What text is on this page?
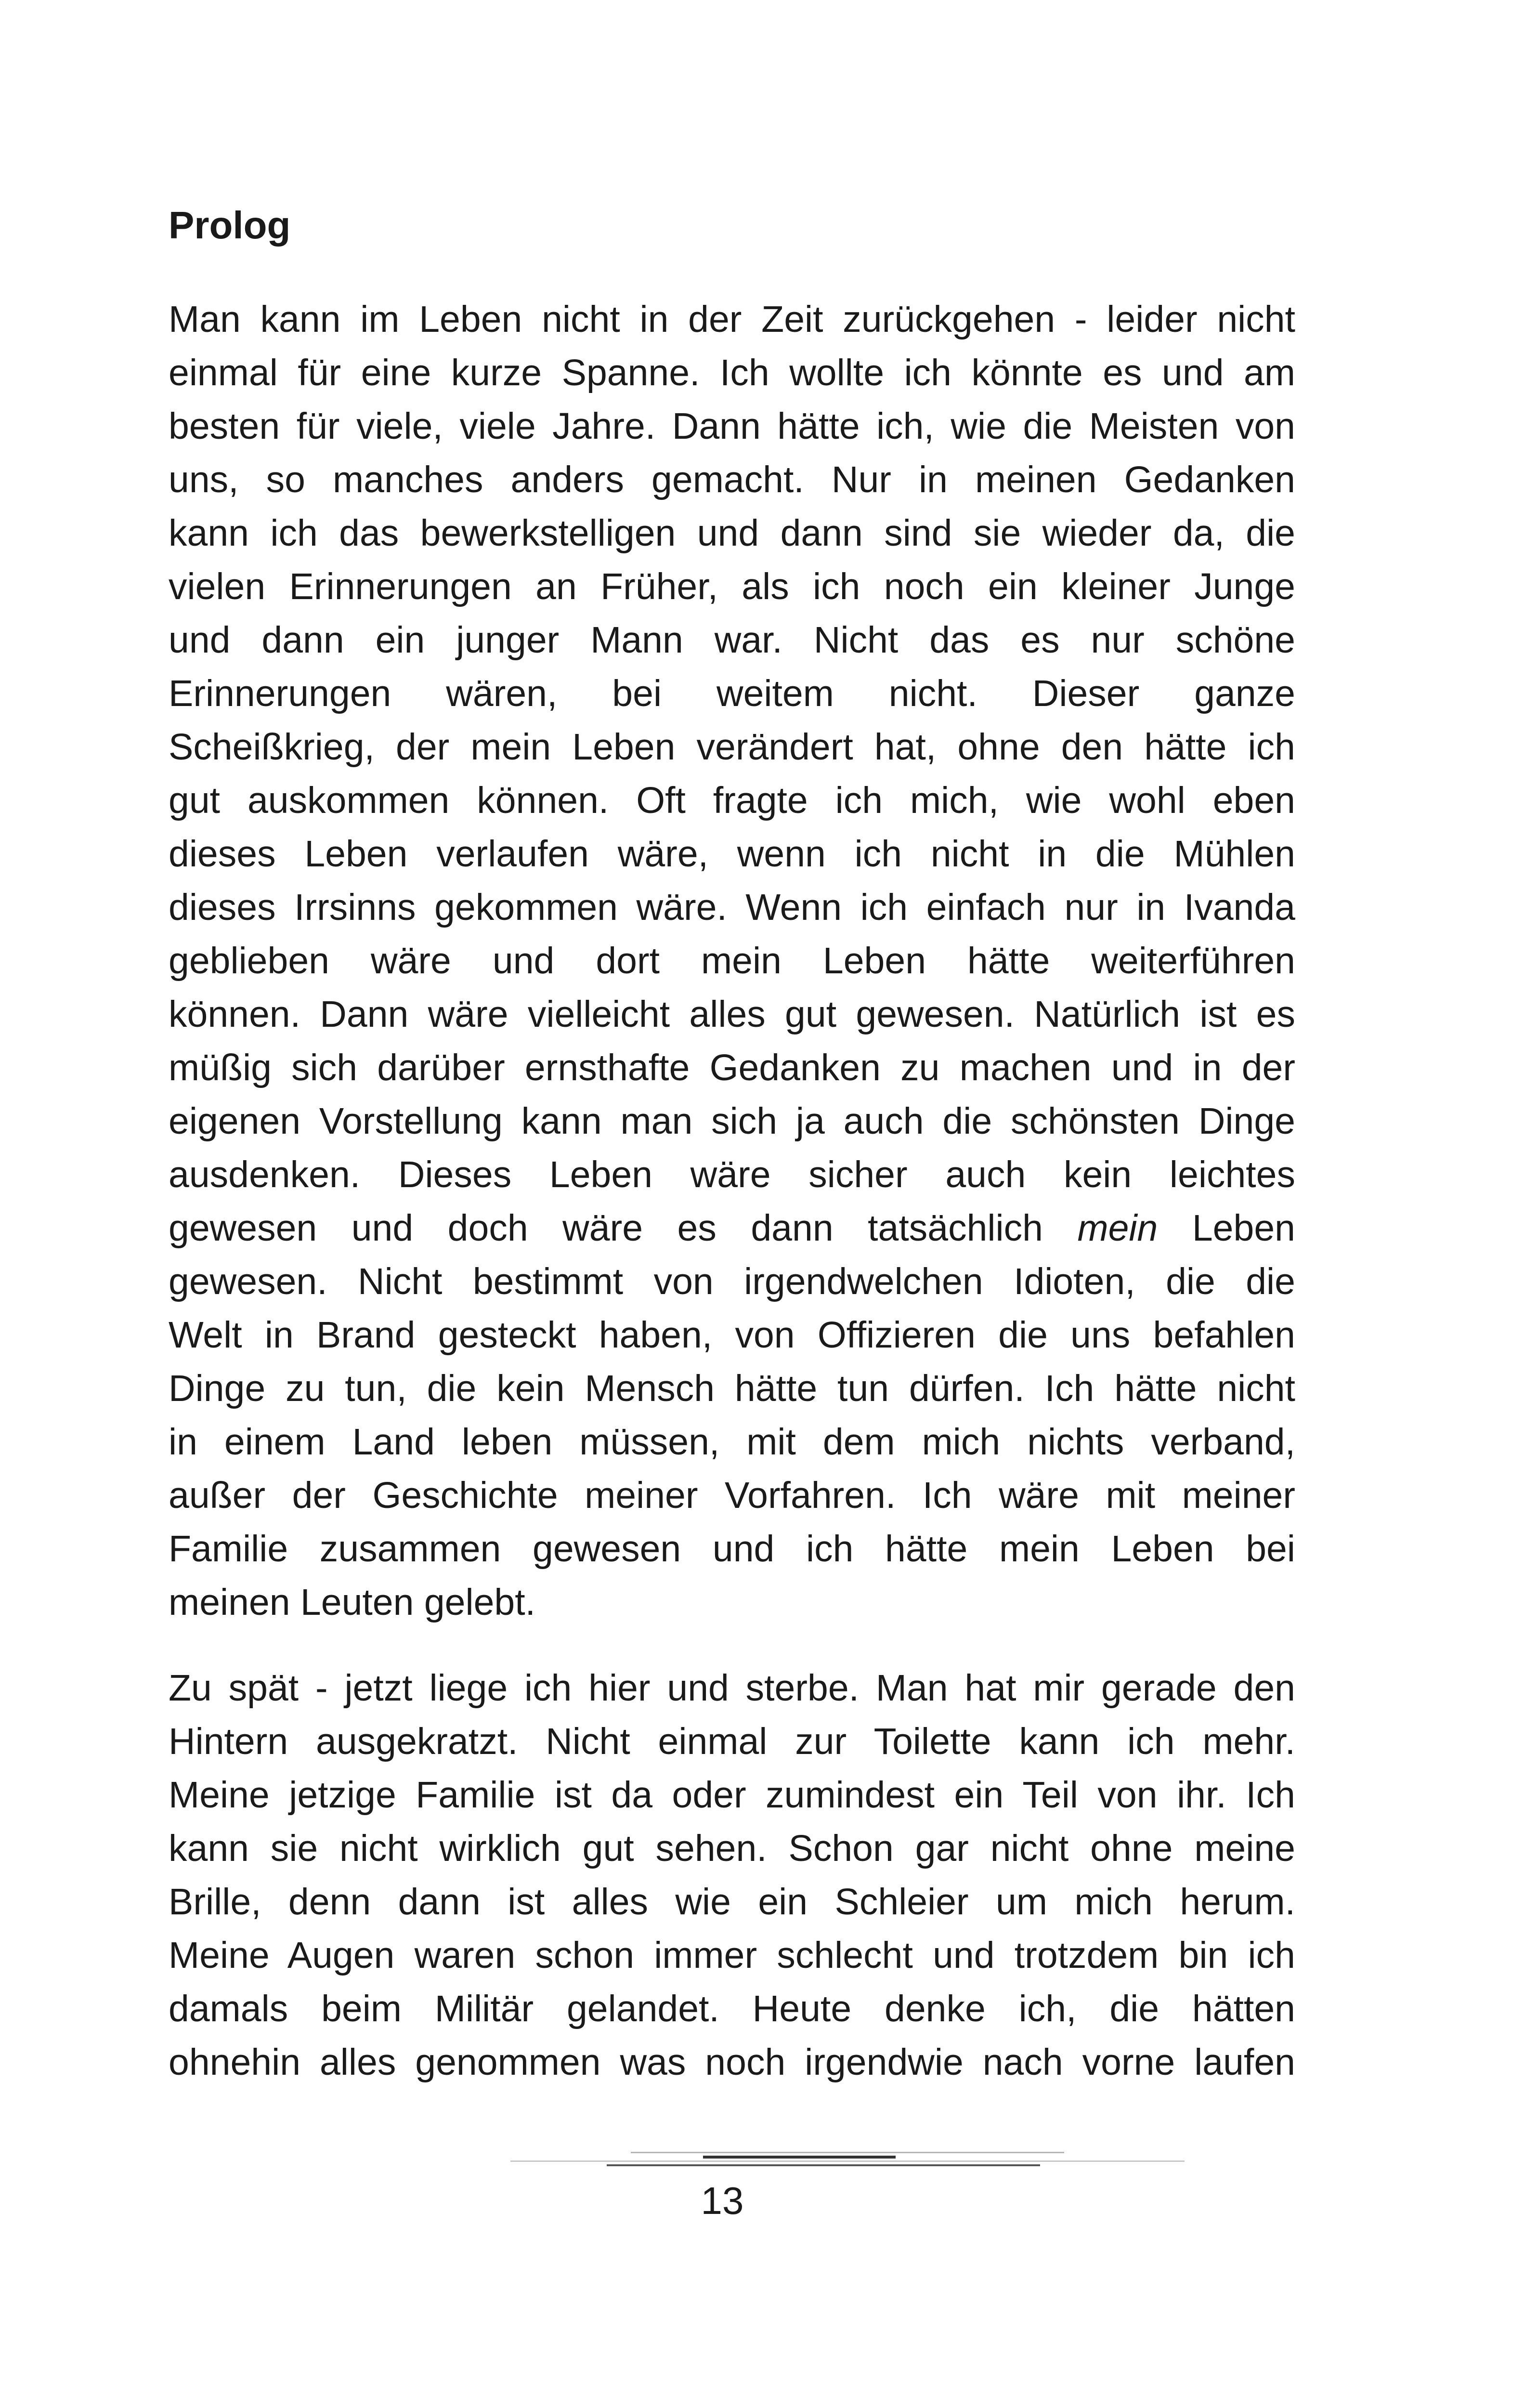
Prolog
Man kann im Leben nicht in der Zeit zurückgehen - leider nicht
einmal für eine kurze Spanne. Ich wollte ich könnte es und am
besten für viele, viele Jahre. Dann hätte ich, wie die Meisten von
uns, so manches anders gemacht. Nur in meinen Gedanken
kann ich das bewerkstelligen und dann sind sie wieder da, die
vielen Erinnerungen an Früher, als ich noch ein kleiner Junge
und dann ein junger Mann war. Nicht das es nur schöne
Erinnerungen wären, bei weitem nicht. Dieser ganze
Scheißkrieg, der mein Leben verändert hat, ohne den hätte ich
gut auskommen können. Oft fragte ich mich, wie wohl eben
dieses Leben verlaufen wäre, wenn ich nicht in die Mühlen
dieses Irrsinns gekommen wäre. Wenn ich einfach nur in Ivanda
geblieben wäre und dort mein Leben hätte weiterführen
können. Dann wäre vielleicht alles gut gewesen. Natürlich ist es
müßig sich darüber ernsthafte Gedanken zu machen und in der
eigenen Vorstellung kann man sich ja auch die schönsten Dinge
ausdenken. Dieses Leben wäre sicher auch kein leichtes
gewesen und doch wäre es dann tatsächlich mein Leben
gewesen. Nicht bestimmt von irgendwelchen Idioten, die die
Welt in Brand gesteckt haben, von Offizieren die uns befahlen
Dinge zu tun, die kein Mensch hätte tun dürfen. Ich hätte nicht
in einem Land leben müssen, mit dem mich nichts verband,
außer der Geschichte meiner Vorfahren. Ich wäre mit meiner
Familie zusammen gewesen und ich hätte mein Leben bei
meinen Leuten gelebt.
Zu spät - jetzt liege ich hier und sterbe. Man hat mir gerade den
Hintern ausgekratzt. Nicht einmal zur Toilette kann ich mehr.
Meine jetzige Familie ist da oder zumindest ein Teil von ihr. Ich
kann sie nicht wirklich gut sehen. Schon gar nicht ohne meine
Brille, denn dann ist alles wie ein Schleier um mich herum.
Meine Augen waren schon immer schlecht und trotzdem bin ich
damals beim Militär gelandet. Heute denke ich, die hätten
ohnehin alles genommen was noch irgendwie nach vorne laufen

13
